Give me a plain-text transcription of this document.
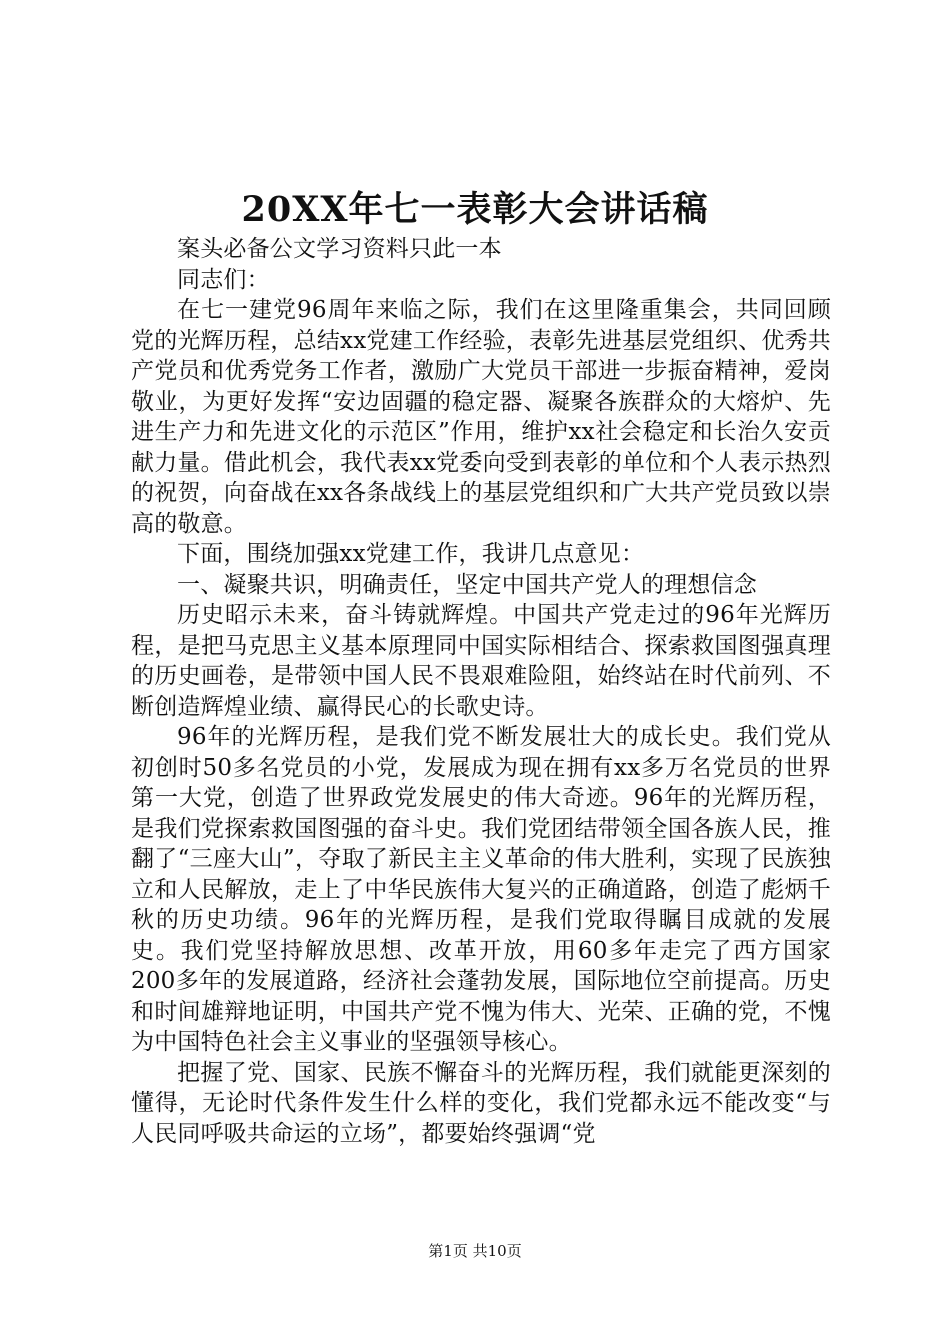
20XX年七一表彰大会讲话稿

案头必备公文学习资料只此一本

同志们：

在七一建党96周年来临之际，我们在这里隆重集会，共同回顾党的光辉历程，总结xx党建工作经验，表彰先进基层党组织、优秀共产党员和优秀党务工作者，激励广大党员干部进一步振奋精神，爱岗敬业，为更好发挥“安边固疆的稳定器、凝聚各族群众的大熔炉、先进生产力和先进文化的示范区”作用，维护xx社会稳定和长治久安贡献力量。借此机会，我代表xx党委向受到表彰的单位和个人表示热烈的祝贺，向奋战在xx各条战线上的基层党组织和广大共产党员致以崇高的敬意。

下面，围绕加强xx党建工作，我讲几点意见：

一、凝聚共识，明确责任，坚定中国共产党人的理想信念

历史昭示未来，奋斗铸就辉煌。中国共产党走过的96年光辉历程，是把马克思主义基本原理同中国实际相结合、探索救国图强真理的历史画卷，是带领中国人民不畏艰难险阻，始终站在时代前列、不断创造辉煌业绩、赢得民心的长歌史诗。

96年的光辉历程，是我们党不断发展壮大的成长史。我们党从初创时50多名党员的小党，发展成为现在拥有xx多万名党员的世界第一大党，创造了世界政党发展史的伟大奇迹。96年的光辉历程，是我们党探索救国图强的奋斗史。我们党团结带领全国各族人民，推翻了“三座大山”，夺取了新民主主义革命的伟大胜利，实现了民族独立和人民解放，走上了中华民族伟大复兴的正确道路，创造了彪炳千秋的历史功绩。96年的光辉历程，是我们党取得瞩目成就的发展史。我们党坚持解放思想、改革开放，用60多年走完了西方国家200多年的发展道路，经济社会蓬勃发展，国际地位空前提高。历史和时间雄辩地证明，中国共产党不愧为伟大、光荣、正确的党，不愧为中国特色社会主义事业的坚强领导核心。

把握了党、国家、民族不懈奋斗的光辉历程，我们就能更深刻的懂得，无论时代条件发生什么样的变化，我们党都永远不能改变“与人民同呼吸共命运的立场”，都要始终强调“党

第1页 共10页
